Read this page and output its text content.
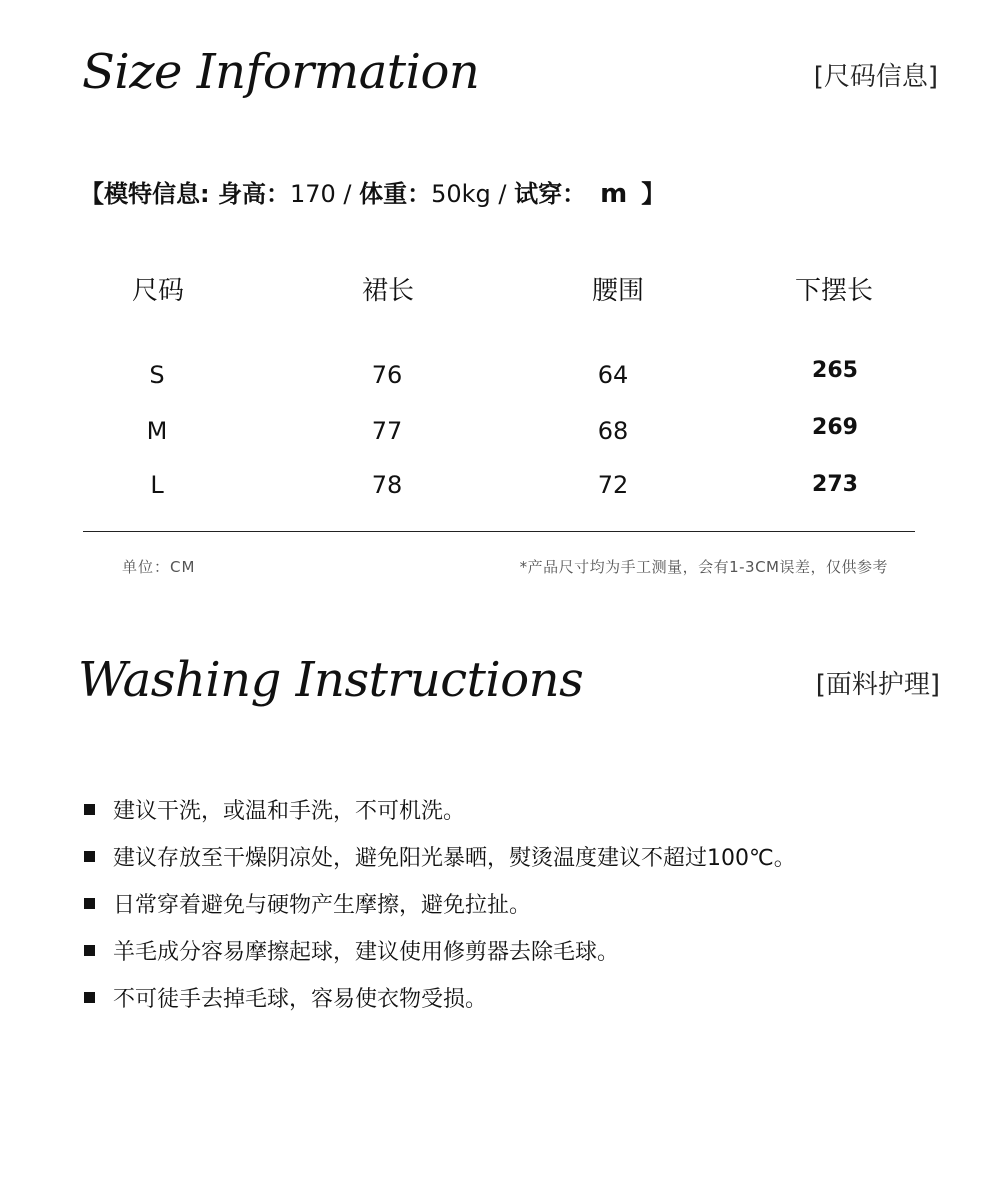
Size Information	[尺码信息]
【模特信息: 身高：170 / 体重：50kg / 试穿： m 】
尺码	裙长	腰围	下摆长
S	76	64	265
M	77	68	269
L	78	72	273
单位：CM	*产品尺寸均为手工测量，会有1-3CM误差，仅供参考
Washing Instructions	[面料护理]
建议干洗，或温和手洗，不可机洗。
建议存放至干燥阴凉处，避免阳光暴晒，熨烫温度建议不超过100℃。
日常穿着避免与硬物产生摩擦，避免拉扯。
羊毛成分容易摩擦起球，建议使用修剪器去除毛球。
不可徒手去掉毛球，容易使衣物受损。
